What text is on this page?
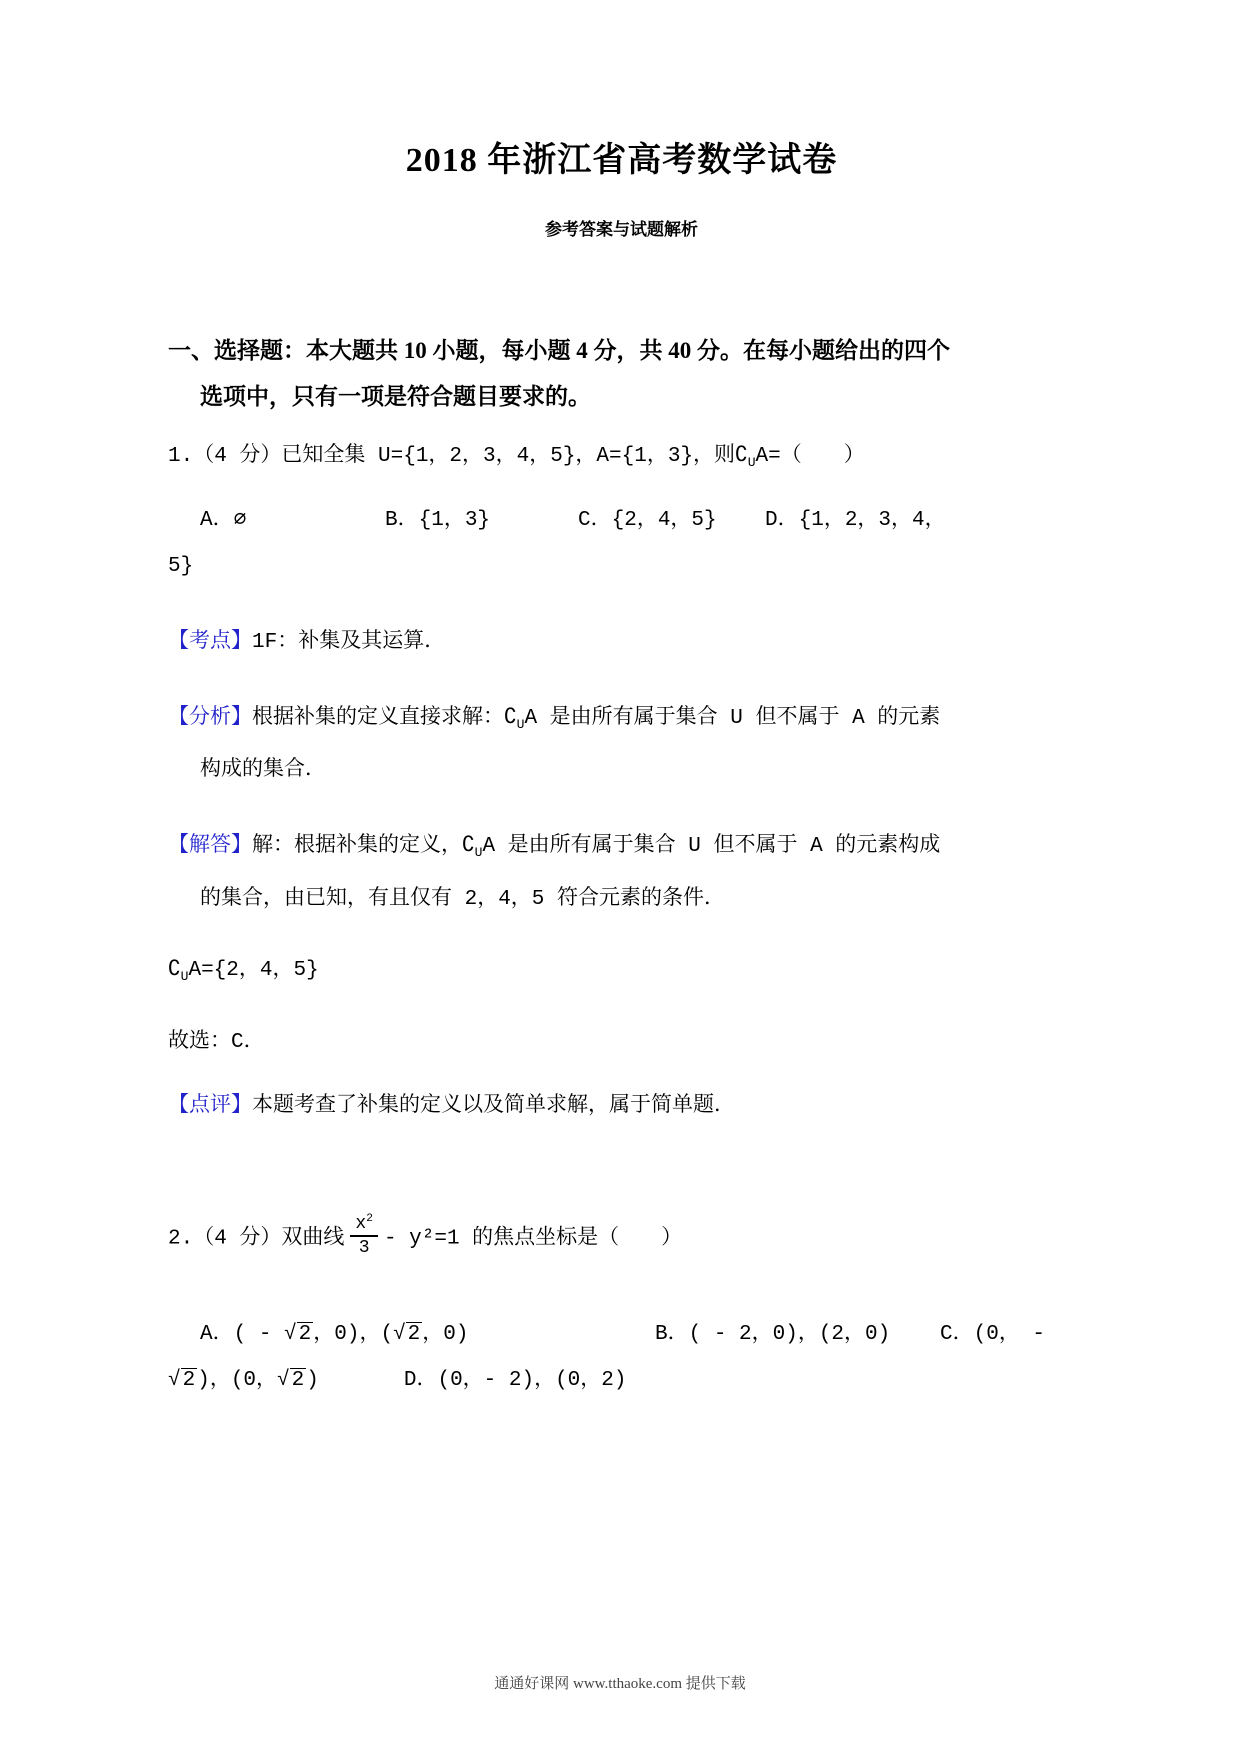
2018 年浙江省高考数学试卷
参考答案与试题解析
一、选择题：本大题共 10 小题，每小题 4 分，共 40 分。在每小题给出的四个
选项中，只有一项是符合题目要求的。

1.（4 分）已知全集 U={1，2，3，4，5}，A={1，3}，则$∁_UA=$（　　）

A．∅	B．{1，3}	C．{2，4，5} D．{1，2，3，4，

5}

【考点】1F：补集及其运算．

【分析】根据补集的定义直接求解：$∁_UA$ 是由所有属于集合 U 但不属于 A 的元素

构成的集合．

【解答】解：根据补集的定义，$∁_UA$ 是由所有属于集合 U 但不属于 A 的元素构成

的集合，由已知，有且仅有 2，4，5 符合元素的条件．

$∁_UA=\{2$，4，5}

故选：C．

【点评】本题考查了补集的定义以及简单求解，属于简单题．

2.（4 分）双曲线 $\frac{x^2}{3} - y^2=1$ 的焦点坐标是（　　）

A．( - √2，0)，(√2，0)	B．( - 2，0)，(2，0) C．(0， -

√2)，(0，√2)	D．(0，- 2)，(0，2)

通通好课网 www.tthaoke.com 提供下载
